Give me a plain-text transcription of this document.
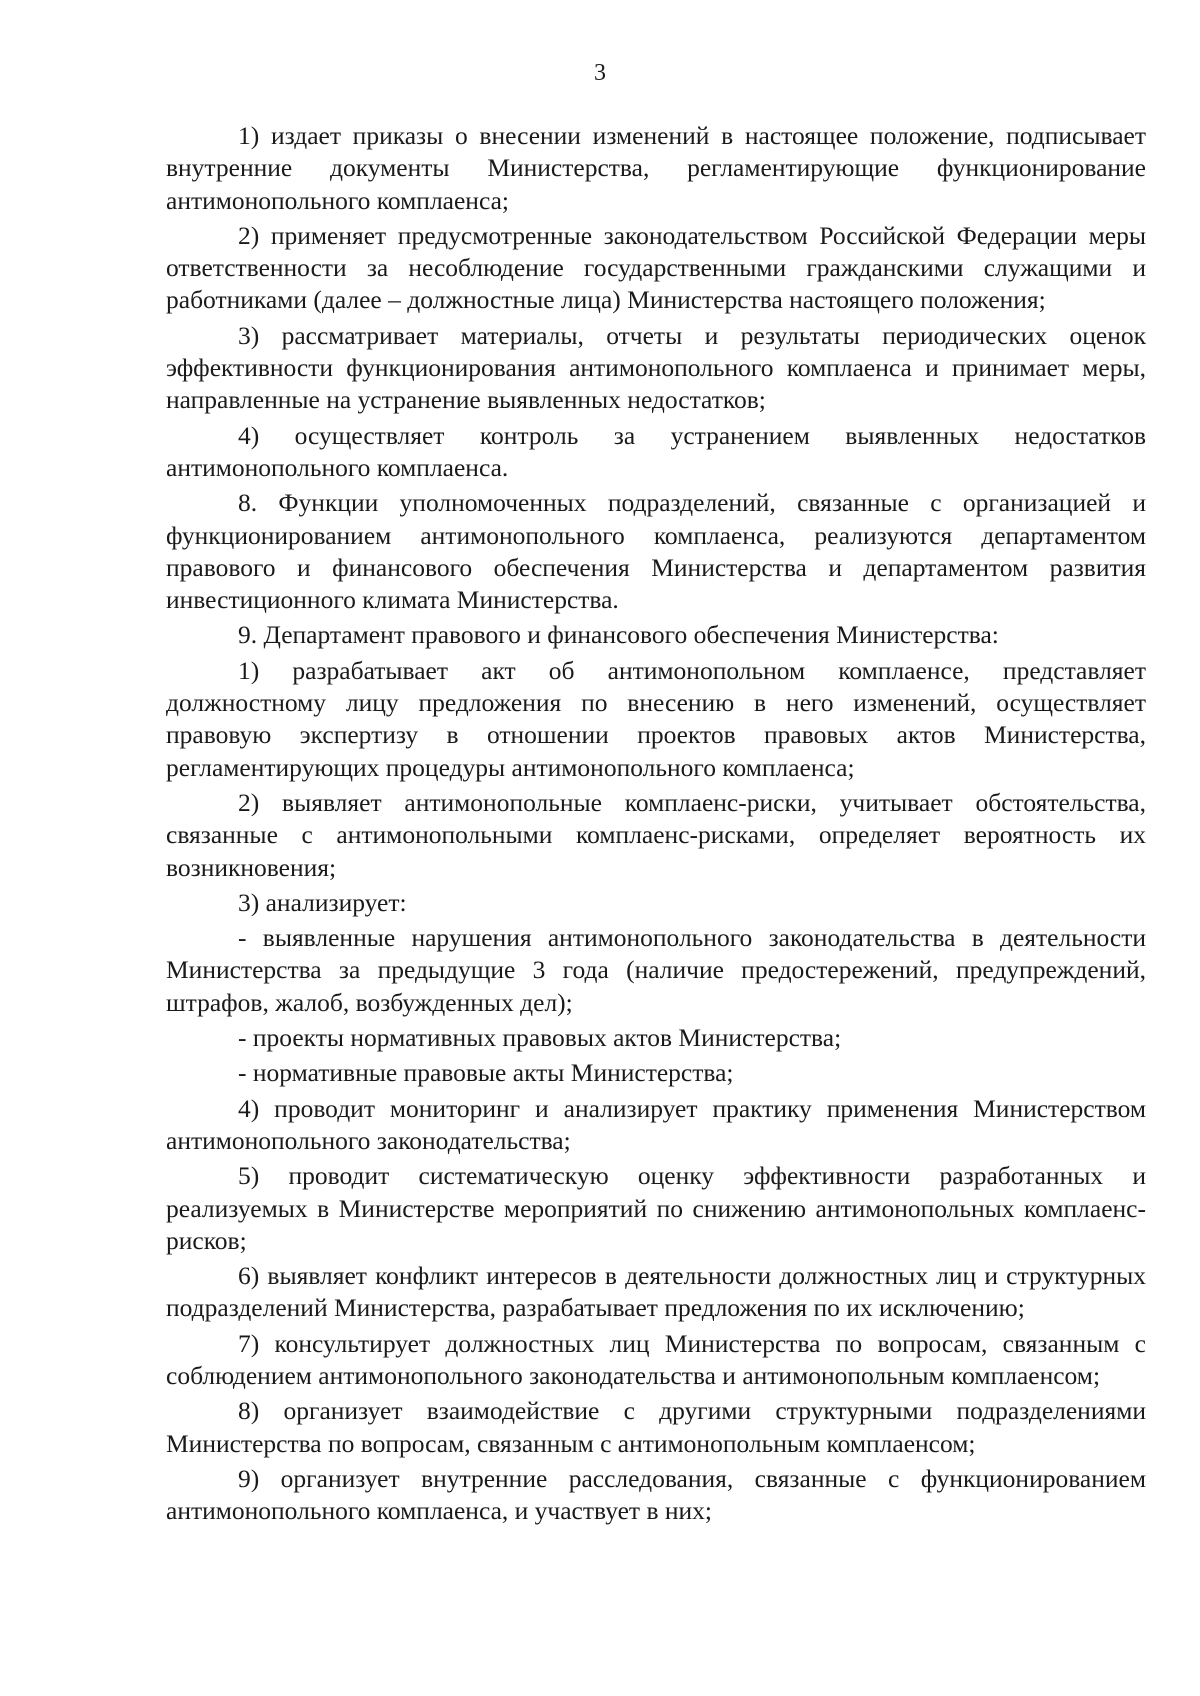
3

1) издает приказы о внесении изменений в настоящее положение, подписывает внутренние документы Министерства, регламентирующие функционирование антимонопольного комплаенса;

2) применяет предусмотренные законодательством Российской Федерации меры ответственности за несоблюдение государственными гражданскими служащими и работниками (далее – должностные лица) Министерства настоящего положения;

3) рассматривает материалы, отчеты и результаты периодических оценок эффективности функционирования антимонопольного комплаенса и принимает меры, направленные на устранение выявленных недостатков;

4) осуществляет контроль за устранением выявленных недостатков антимонопольного комплаенса.

8. Функции уполномоченных подразделений, связанные с организацией и функционированием антимонопольного комплаенса, реализуются департаментом правового и финансового обеспечения Министерства и департаментом развития инвестиционного климата Министерства.

9. Департамент правового и финансового обеспечения Министерства:

1) разрабатывает акт об антимонопольном комплаенсе, представляет должностному лицу предложения по внесению в него изменений, осуществляет правовую экспертизу в отношении проектов правовых актов Министерства, регламентирующих процедуры антимонопольного комплаенса;

2) выявляет антимонопольные комплаенс-риски, учитывает обстоятельства, связанные с антимонопольными комплаенс-рисками, определяет вероятность их возникновения;

3) анализирует:

- выявленные нарушения антимонопольного законодательства в деятельности Министерства за предыдущие 3 года (наличие предостережений, предупреждений, штрафов, жалоб, возбужденных дел);

- проекты нормативных правовых актов Министерства;

- нормативные правовые акты Министерства;

4) проводит мониторинг и анализирует практику применения Министерством антимонопольного законодательства;

5) проводит систематическую оценку эффективности разработанных и реализуемых в Министерстве мероприятий по снижению антимонопольных комплаенс-рисков;

6) выявляет конфликт интересов в деятельности должностных лиц и структурных подразделений Министерства, разрабатывает предложения по их исключению;

7) консультирует должностных лиц Министерства по вопросам, связанным с соблюдением антимонопольного законодательства и антимонопольным комплаенсом;

8) организует взаимодействие с другими структурными подразделениями Министерства по вопросам, связанным с антимонопольным комплаенсом;

9) организует внутренние расследования, связанные с функционированием антимонопольного комплаенса, и участвует в них;
